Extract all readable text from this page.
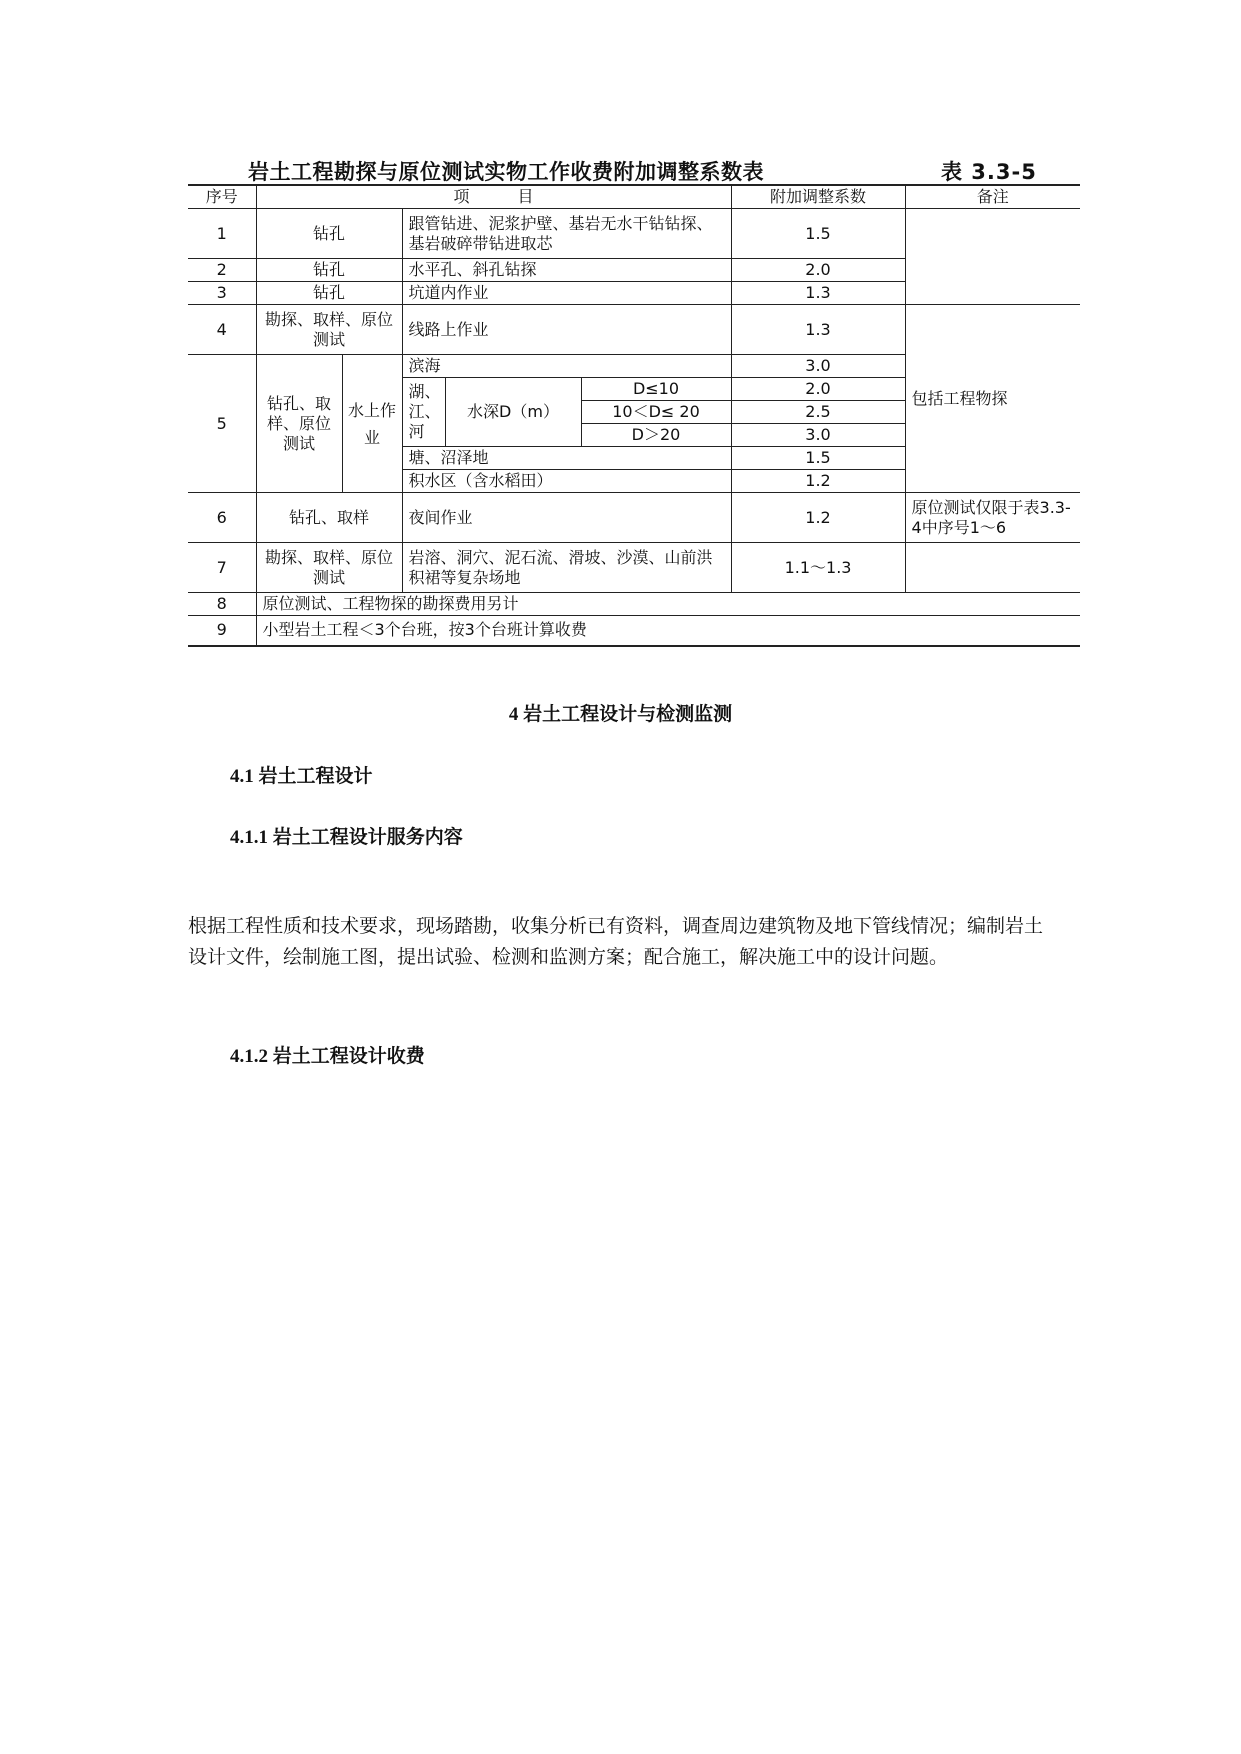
岩土工程勘探与原位测试实物工作收费附加调整系数表	表 3.3-5
序号	项　　　目					附加调整系数	备注
1	钻孔		跟管钻进、泥浆护壁、基岩无水干钻钻探、基岩破碎带钻进取芯			1.5	
2	钻孔		水平孔、斜孔钻探			2.0	
3	钻孔		坑道内作业			1.3	
4	勘探、取样、原位测试		线路上作业			1.3	包括工程物探
5	钻孔、取样、原位测试	水上作业	滨海			3.0	
			湖、江、河	水深D（m）	D≤10	2.0	
					10＜D≤ 20	2.5	
					D＞20	3.0	
			塘、沼泽地			1.5	
			积水区（含水稻田）			1.2	
6	钻孔、取样		夜间作业			1.2	原位测试仅限于表3.3-4中序号1～6
7	勘探、取样、原位测试		岩溶、洞穴、泥石流、滑坡、沙漠、山前洪积裙等复杂场地			1.1～1.3	
8	原位测试、工程物探的勘探费用另计						
9	小型岩土工程＜3个台班，按3个台班计算收费						
4 岩土工程设计与检测监测
4.1 岩土工程设计
4.1.1 岩土工程设计服务内容
根据工程性质和技术要求，现场踏勘，收集分析已有资料，调查周边建筑物及地下管线情况；编制岩土设计文件，绘制施工图，提出试验、检测和监测方案；配合施工，解决施工中的设计问题。
4.1.2 岩土工程设计收费
